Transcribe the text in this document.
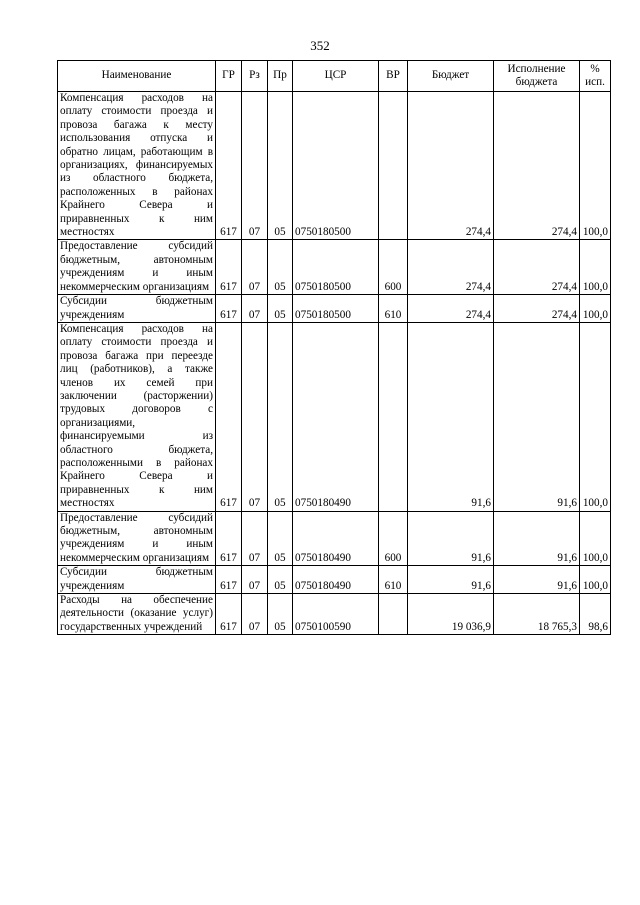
352
Наименование	ГР	Рз	Пр	ЦСР	ВР	Бюджет	Исполнение бюджета	% исп.
Компенсация расходов на оплату стоимости проезда и провоза багажа к месту использования отпуска и обратно лицам, работающим в организациях, финансируемых из областного бюджета, расположенных в районах Крайнего Севера и приравненных к ним местностях	617	07	05	0750180500		274,4	274,4	100,0
Предоставление субсидий бюджетным, автономным учреждениям и иным некоммерческим организациям	617	07	05	0750180500	600	274,4	274,4	100,0
Субсидии бюджетным учреждениям	617	07	05	0750180500	610	274,4	274,4	100,0
Компенсация расходов на оплату стоимости проезда и провоза багажа при переезде лиц (работников), а также членов их семей при заключении (расторжении) трудовых договоров с организациями, финансируемыми из областного бюджета, расположенными в районах Крайнего Севера и приравненных к ним местностях	617	07	05	0750180490		91,6	91,6	100,0
Предоставление субсидий бюджетным, автономным учреждениям и иным некоммерческим организациям	617	07	05	0750180490	600	91,6	91,6	100,0
Субсидии бюджетным учреждениям	617	07	05	0750180490	610	91,6	91,6	100,0
Расходы на обеспечение деятельности (оказание услуг) государственных учреждений	617	07	05	0750100590		19 036,9	18 765,3	98,6
